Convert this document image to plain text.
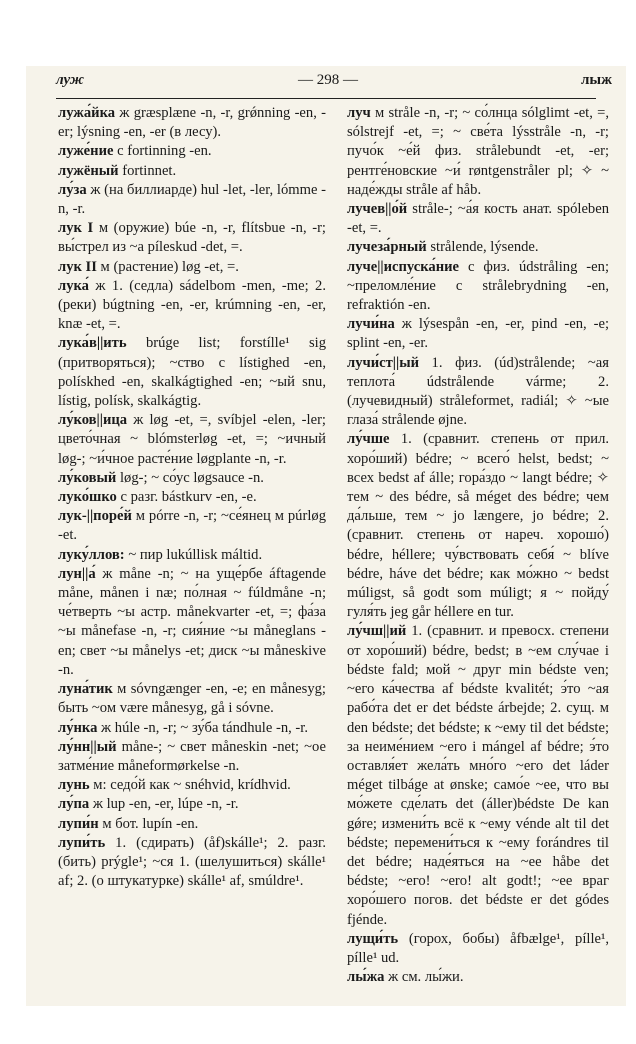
луж	— 298 —	лыж

лужа́йка ж græsplæne -n, -r, grǿnning -en, -er; lýsning -en, -er (в лесу).

луже́ние с fortinning -en.

лужёный fortinnet.

лу́за ж (на биллиарде) hul -let, -ler, lómme -n, -r.

лук I м (оружие) búe -n, -r, flítsbue -n, -r; вы́стрел из ~а píleskud -det, =.

лук II м (растение) løg -et, =.

лука́ ж 1. (седла) sádelbom -men, -me; 2. (реки) búgtning -en, -er, krúmning -en, -er, knæ -et, =.

лука́в||ить brúge list; forstílle¹ sig (притворяться); ~ство с lístighed -en, polískhed -en, skalkágtighed -en; ~ый snu, lístig, polísk, skalkágtig.

лу́ков||ица ж løg -et, =, svíbjel -elen, -ler; цвето́чная ~ blómsterløg -et, =; ~ичный løg-; ~и́чное расте́ние løgplante -n, -r.

лу́ковый løg-; ~ со́ус løgsauce -n.

луко́шко с разг. bástkurv -en, -e.

лук-||поре́й м pórre -n, -r; ~се́янец м púrløg -et.

луку́ллов: ~ пир lukúllisk máltid.

лун||а́ ж måne -n; ~ на уще́рбе áftagende måne, månen i næ; по́лная ~ fúldmåne -n; че́тверть ~ы астр. månekvarter -et, =; фа́за ~ы månefase -n, -r; сия́ние ~ы måneglans -en; свет ~ы månelys -et; диск ~ы måneskive -n.

луна́тик м sóvngænger -en, -e; en månesyg; быть ~ом være månesyg, gå i sóvne.

лу́нка ж húle -n, -r; ~ зу́ба tándhule -n, -r.

лу́нн||ый måne-; ~ свет måneskin -net; ~ое затме́ние måneformørkelse -n.

лунь м: седо́й как ~ snéhvid, krídhvid.

лу́па ж lup -en, -er, lúpe -n, -r.

лупи́н м бот. lupín -en.

лупи́ть 1. (сдирать) (åf)skálle¹; 2. разг. (бить) prýgle¹; ~ся 1. (шелушиться) skálle¹ af; 2. (о штукатурке) skálle¹ af, smúldre¹.

луч м stråle -n, -r; ~ со́лнца sólglimt -et, =, sólstrejf -et, =; ~ све́та lýsstråle -n, -r; пучо́к ~е́й физ. strålebundt -et, -er; рентге́новские ~и́ røntgenstråler pl; ✧ ~ наде́жды stråle af håb.

лучев||о́й stråle-; ~а́я кость анат. spóleben -et, =.

лучеза́рный strålende, lýsende.

луче||испуска́ние с физ. údstråling -en; ~преломле́ние с strålebrydning -en, refraktión -en.

лучи́на ж lýsespån -en, -er, pind -en, -e; splint -en, -er.

лучи́ст||ый 1. физ. (úd)strålende; ~ая теплота́ údstrålende várme; 2. (лучевидный) stråleformet, radiál; ✧ ~ые глаза́ strålende øjne.

лу́чше 1. (сравнит. степень от прил. хоро́ший) bédre; ~ всего́ helst, bedst; ~ всех bedst af álle; гора́здо ~ langt bédre; ✧ тем ~ des bédre, så méget des bédre; чем да́льше, тем ~ jo længere, jo bédre; 2. (сравнит. степень от нареч. хорошо́) bédre, héllere; чу́вствовать себя́ ~ blíve bédre, háve det bédre; как мо́жно ~ bedst múligst, så godt som múligt; я ~ пойду́ гуля́ть jeg går héllere en tur.

лу́чш||ий 1. (сравнит. и превосх. степени от хоро́ший) bédre, bedst; в ~ем слу́чае i bédste fald; мой ~ друг min bédste ven; ~его ка́чества af bédste kvalitét; э́то ~ая рабо́та det er det bédste árbejde; 2. сущ. м den bédste; det bédste; к ~ему til det bédste; за неиме́нием ~его i mángel af bédre; э́то оставля́ет жела́ть мно́го ~его det láder méget tilbáge at ønske; само́е ~ее, что вы мо́жете сде́лать det (áller)bédste De kan gǿre; измени́ть всё к ~ему vénde alt til det bédste; перемени́ться к ~ему forándres til det bédre; наде́яться на ~ее håbe det bédste; ~его! ~ero! alt godt!; ~ee враг хоро́шего погов. det bédste er det gódes fjénde.

лущи́ть (горох, бобы) åfbælge¹, pílle¹, pílle¹ ud.

лы́жа ж см. лы́жи.
